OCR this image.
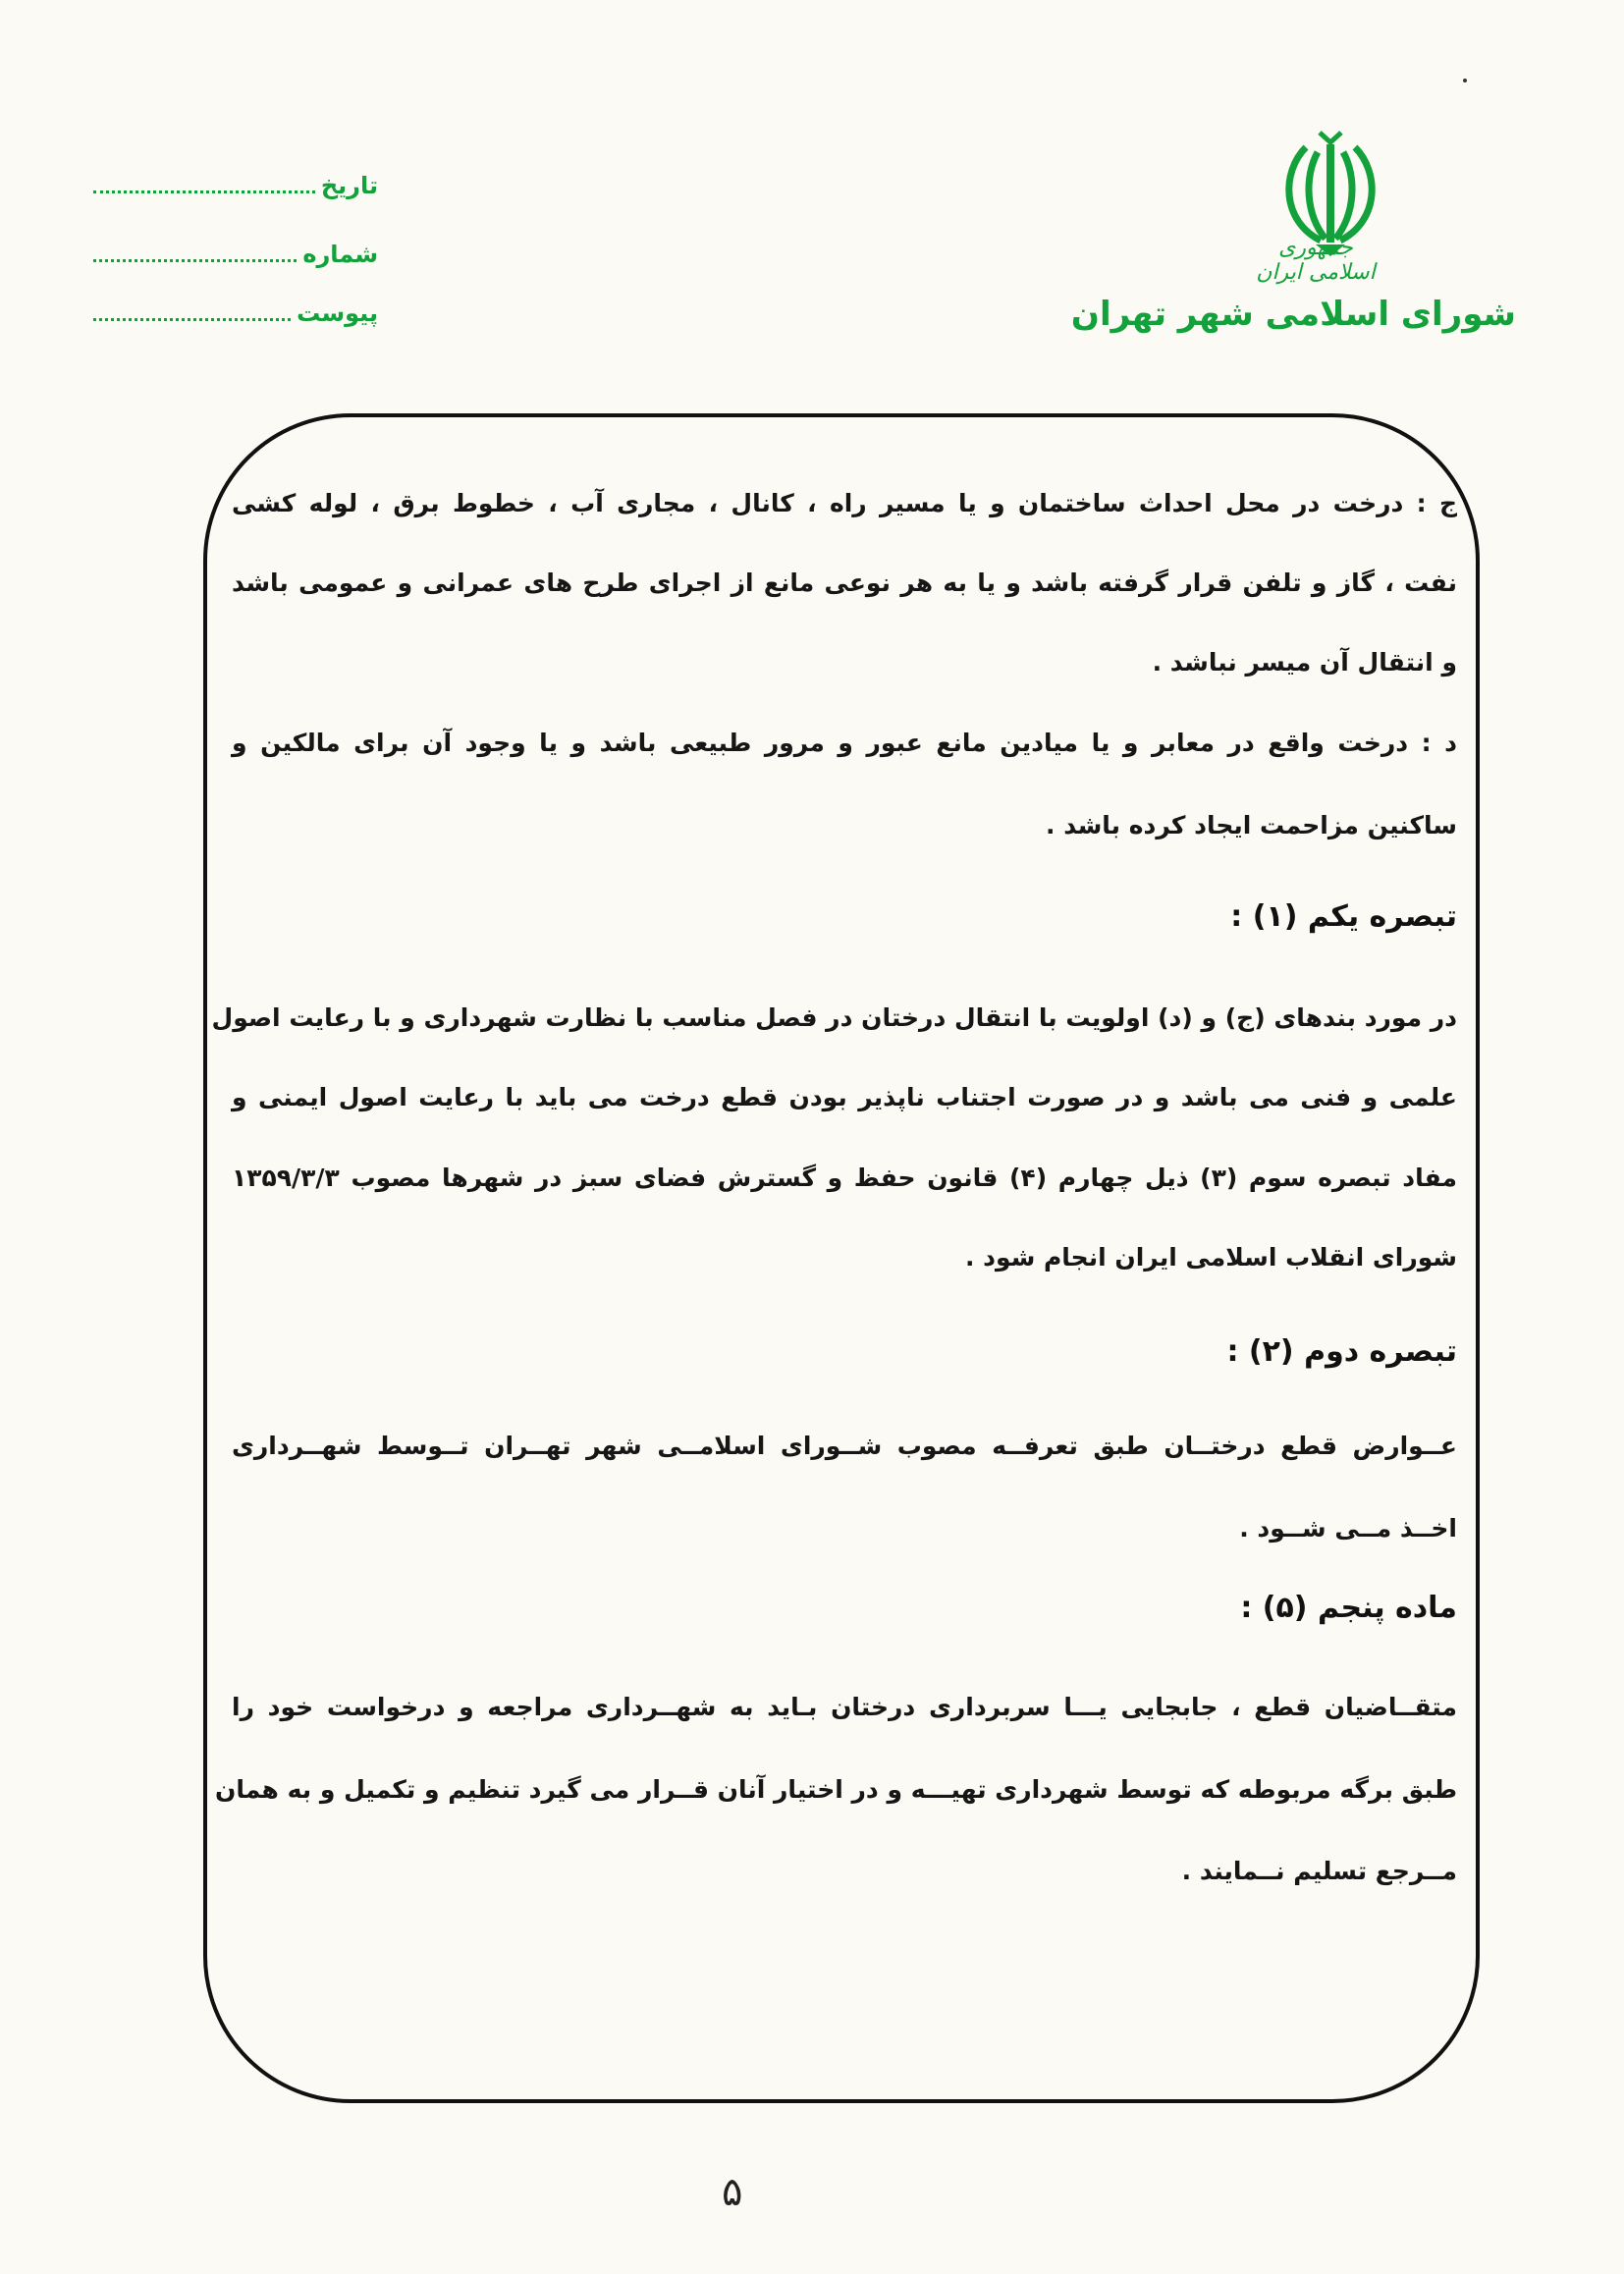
تاریخ
شماره
پیوست
جمهوری اسلامی ایران
شورای اسلامی شهر تهران
ج : درخت در محل احداث ساختمان و یا مسیر راه ، کانال ، مجاری آب ، خطوط برق ، لوله کشی
نفت ، گاز و تلفن قرار گرفته باشد و یا به هر نوعی مانع از اجرای طرح های عمرانی و عمومی باشد
و انتقال آن میسر نباشد .
د : درخت واقع در معابر و یا میادین مانع عبور و مرور طبیعی باشد و یا وجود آن برای مالکین و
ساکنین مزاحمت ایجاد کرده باشد .
تبصره یکم (۱) :
در مورد بندهای (ج) و (د) اولویت با انتقال درختان در فصل مناسب با نظارت شهرداری و با رعایت اصول
علمی و فنی می باشد و در صورت اجتناب ناپذیر بودن قطع درخت می باید با رعایت اصول ایمنی و
مفاد تبصره سوم (۳) ذیل چهارم (۴) قانون حفظ و گسترش فضای سبز در شهرها مصوب ۱۳۵۹/۳/۳
شورای انقلاب اسلامی ایران انجام شود .
تبصره دوم (۲) :
عــوارض قطع درختــان طبق تعرفــه مصوب شــورای اسلامــی شهر تهــران تــوسط شهــرداری
اخــذ مــی شــود .
ماده پنجم (۵) :
متقــاضیان قطع ، جابجایی یـــا سربرداری درختان بـاید به شهــرداری مراجعه و درخواست خود را
طبق برگه مربوطه که توسط شهرداری تهیـــه و در اختیار آنان قــرار می گیرد تنظیم و تکمیل و به همان
مــرجع تسلیم نــمایند .
۵
